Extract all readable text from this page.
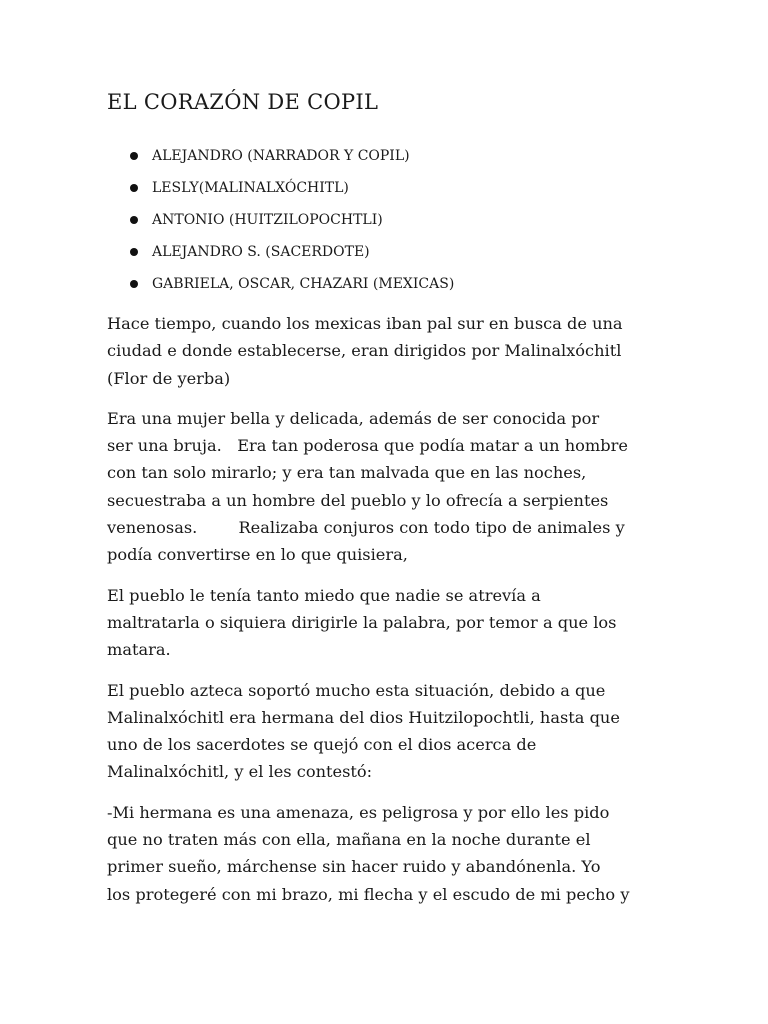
EL CORAZÓN DE COPIL
ALEJANDRO (NARRADOR Y COPIL)
LESLY(MALINALXÓCHITL)
ANTONIO (HUITZILOPOCHTLI)
ALEJANDRO S. (SACERDOTE)
GABRIELA, OSCAR, CHAZARI (MEXICAS)

Hace tiempo, cuando los mexicas iban pal sur en busca de una
ciudad e donde establecerse, eran dirigidos por Malinalxóchitl
(Flor de yerba)

Era una mujer bella y delicada, además de ser conocida por
ser una bruja.   Era tan poderosa que podía matar a un hombre
con tan solo mirarlo; y era tan malvada que en las noches,
secuestraba a un hombre del pueblo y lo ofrecía a serpientes
venenosas.        Realizaba conjuros con todo tipo de animales y
podía convertirse en lo que quisiera,

El pueblo le tenía tanto miedo que nadie se atrevía a
maltratarla o siquiera dirigirle la palabra, por temor a que los
matara.

El pueblo azteca soportó mucho esta situación, debido a que
Malinalxóchitl era hermana del dios Huitzilopochtli, hasta que
uno de los sacerdotes se quejó con el dios acerca de
Malinalxóchitl, y el les contestó:

-Mi hermana es una amenaza, es peligrosa y por ello les pido
que no traten más con ella, mañana en la noche durante el
primer sueño, márchense sin hacer ruido y abandónenla. Yo
los protegeré con mi brazo, mi flecha y el escudo de mi pecho y
